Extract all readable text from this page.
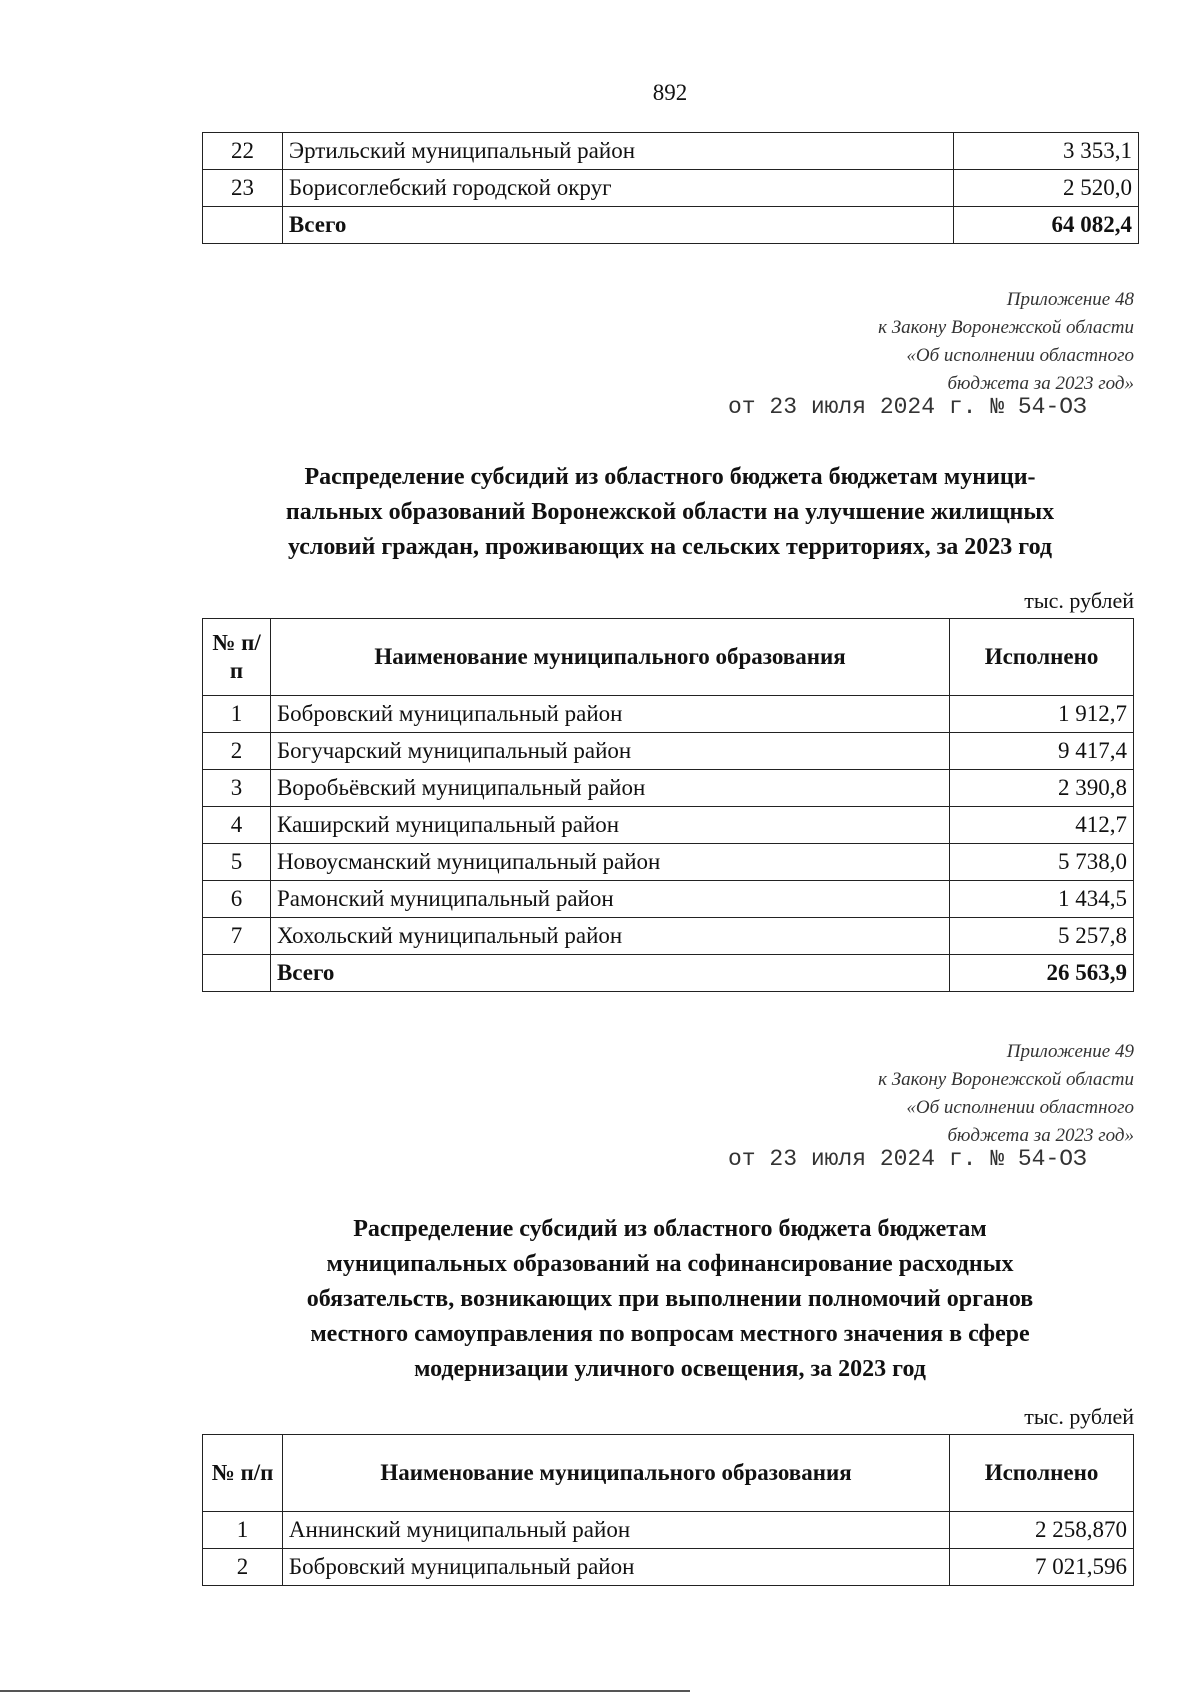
892
22	Эртильский муниципальный район	3 353,1
23	Борисоглебский городской округ	2 520,0
	Всего	64 082,4
Приложение 48
к Закону Воронежской области
«Об исполнении областного
бюджета за 2023 год»
от 23 июля 2024 г. № 54-ОЗ
Распределение субсидий из областного бюджета бюджетам муници-
пальных образований Воронежской области на улучшение жилищных
условий граждан, проживающих на сельских территориях, за 2023 год
тыс. рублей
№ п/п	Наименование муниципального образования	Исполнено
1	Бобровский муниципальный район	1 912,7
2	Богучарский муниципальный район	9 417,4
3	Воробьёвский муниципальный район	2 390,8
4	Каширский муниципальный район	412,7
5	Новоусманский муниципальный район	5 738,0
6	Рамонский муниципальный район	1 434,5
7	Хохольский муниципальный район	5 257,8
	Всего	26 563,9
Приложение 49
к Закону Воронежской области
«Об исполнении областного
бюджета за 2023 год»
от 23 июля 2024 г. № 54-ОЗ
Распределение субсидий из областного бюджета бюджетам
муниципальных образований на софинансирование расходных
обязательств, возникающих при выполнении полномочий органов
местного самоуправления по вопросам местного значения в сфере
модернизации уличного освещения, за 2023 год
тыс. рублей
№ п/п	Наименование муниципального образования	Исполнено
1	Аннинский муниципальный район	2 258,870
2	Бобровский муниципальный район	7 021,596
